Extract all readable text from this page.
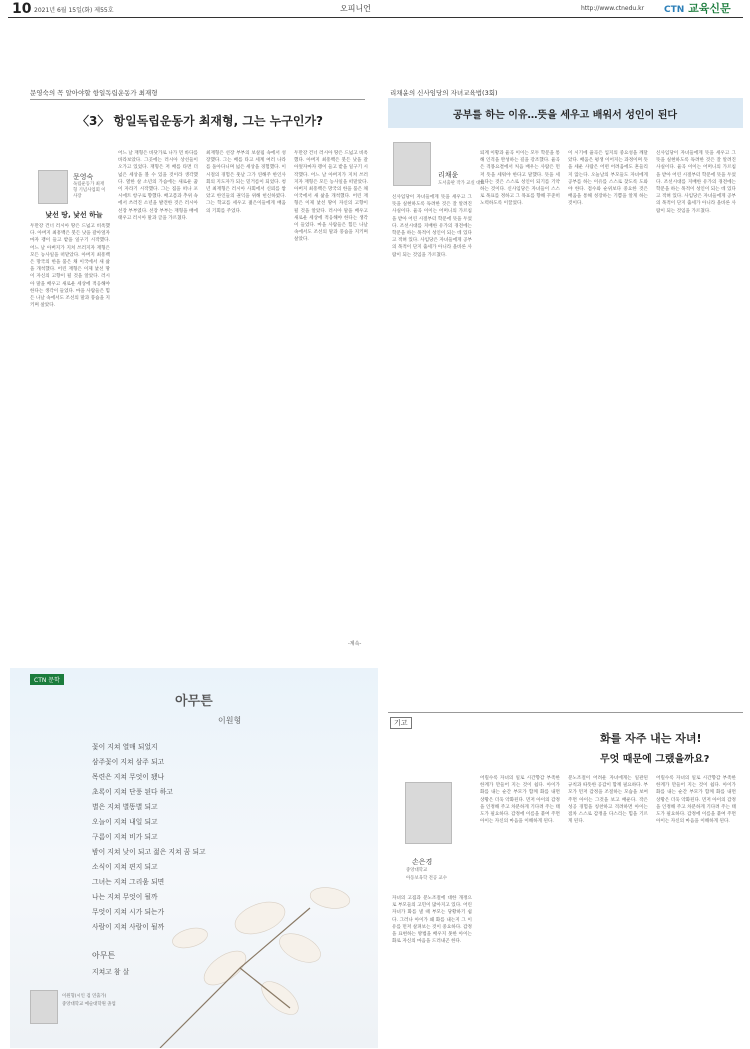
10 2021년 6월 15일(화) 제55호	오피니언	http://www.ctnedu.kr CTN 교육신문
문영숙의 꼭 알아야할 항일독립운동가 최재형
〈3〉 항일독립운동가 최재형, 그는 누구인가?
문영숙
독립운동가 최재형 기념사업회 이사장
낯선 땅, 낯선 하늘
두만강 건너 러시아 땅은 드넓고 비옥했다. 아버지 최흥백은 붓든 낫을 갈아엎자마자 괭이 들고 밭을 일구기 시작했다. 어느 날 아버지가 지쳐 쓰러지자 재형은 모든 농사일을 떠맡았다. 아버지 최흥백은 망국의 한을 품은 채 이국에서 새 삶을 개척했다. 어린 재형은 이제 낯선 땅이 자신의 고향이 될 것을 알았다. 러시아 말을 배우고 새로운 세상에 적응해야 한다는 생각이 들었다. 마을 사람들은 힘든 나날 속에서도 조선의 말과 풍습을 지키며 살았다.
어느 날 재형은 바닷가로 나가 먼 바다를 바라보았다. 그곳에는 러시아 상선들이 오가고 있었다. 재형은 저 배를 타면 더 넓은 세상을 볼 수 있을 것이라 생각했다. 열한 살 소년의 가슴에는 새로운 꿈이 자라기 시작했다. 그는 집을 떠나 포시에트 항구로 향했다. 배고픔과 추위 속에서 쓰러진 소년을 발견한 것은 러시아 선장 부부였다. 선장 부부는 재형을 배에 태우고 러시아 말과 글을 가르쳤다.
최재형은 선장 부부의 보살핌 속에서 성장했다. 그는 배를 타고 세계 여러 나라를 돌아다니며 넓은 세상을 경험했다. 이 시절의 경험은 훗날 그가 연해주 한인사회의 지도자가 되는 밑거름이 되었다. 청년 최재형은 러시아 사회에서 신뢰를 쌓았고 한인들의 권익을 위해 헌신하였다. 그는 학교를 세우고 젊은이들에게 배움의 기회를 주었다.
두만강 건너 러시아 땅은 드넓고 비옥했다. 아버지 최흥백은 붓든 낫을 갈아엎자마자 괭이 들고 밭을 일구기 시작했다. 어느 날 아버지가 지쳐 쓰러지자 재형은 모든 농사일을 떠맡았다. 아버지 최흥백은 망국의 한을 품은 채 이국에서 새 삶을 개척했다. 어린 재형은 이제 낯선 땅이 자신의 고향이 될 것을 알았다. 러시아 말을 배우고 새로운 세상에 적응해야 한다는 생각이 들었다. 마을 사람들은 힘든 나날 속에서도 조선의 말과 풍습을 지키며 살았다.
-계속-
CTN 문학
아무튼
이원형
꽃이 지쳐 열매 되었지
삼주꽃이 지쳐 삼주 되고
목련은 지쳐 무엇이 됐나
초록이 지쳐 단풍 된다 하고
별은 지쳐 별똥별 되고
오늘이 지쳐 내일 되고
구름이 지쳐 비가 되고
밤이 지쳐 낮이 되고 젊은 지쳐 꿈 되고
소식이 지쳐 편지 되고
그녀는 지쳐 그리움 되면
나는 지쳐 무엇이 될까
무엇이 지쳐 시가 되는가
사람이 지쳐 사람이 될까
아무튼
지쳐고 참 살
이원형(시인 겸 연출가)
중앙대학교 예술대학원 졸업
리채윤의 신사임당의 자녀교육법(3회)
공부를 하는 이유…뜻을 세우고 배워서 성인이 된다
리채윤
도서출판 작가 교실 대표
신사임당이 자녀들에게 뜻을 세우고 그 뜻을 실현하도록 독려한 것은 잘 알려진 사실이다. 율곡 이이는 어머니의 가르침을 받아 어린 시절부터 학문에 뜻을 두었다. 조선시대를 지배한 유가의 경전에는 학문을 하는 목적이 성인이 되는 데 있다고 적혀 있다. 사임당은 자녀들에게 공부의 목적이 단지 출세가 아니라 올바른 사람이 되는 것임을 가르쳤다.
퇴계 이황과 율곡 이이는 모두 학문을 통해 인격을 완성하는 길을 강조했다. 율곡은 격몽요결에서 처음 배우는 사람은 먼저 뜻을 세워야 한다고 말했다. 뜻을 세운다는 것은 스스로 성인이 되기를 기약하는 것이다. 신사임당은 자녀들이 스스로 목표를 정하고 그 목표를 향해 꾸준히 노력하도록 이끌었다.
이 시기에 율곡은 입지의 중요성을 깨달았다. 배움은 평생 이어지는 과정이며 뜻을 세운 사람은 어떤 어려움에도 흔들리지 않는다. 오늘날의 부모들도 자녀에게 공부를 하는 이유를 스스로 찾도록 도와야 한다. 점수와 순위보다 중요한 것은 배움을 통해 성장하는 기쁨을 알게 하는 것이다.
신사임당이 자녀들에게 뜻을 세우고 그 뜻을 실현하도록 독려한 것은 잘 알려진 사실이다. 율곡 이이는 어머니의 가르침을 받아 어린 시절부터 학문에 뜻을 두었다. 조선시대를 지배한 유가의 경전에는 학문을 하는 목적이 성인이 되는 데 있다고 적혀 있다. 사임당은 자녀들에게 공부의 목적이 단지 출세가 아니라 올바른 사람이 되는 것임을 가르쳤다.
기고
화를 자주 내는 자녀!
무엇 때문에 그랬을까요?
손은경
중앙대학교
아동보육학 전공 교수
자녀의 고집과 분노조절에 대한 개정으로 부모들의 고민이 많아지고 있다. 어린 자녀가 화를 낼 때 부모는 당황하기 쉽다. 그러나 아이가 왜 화를 내는지 그 이유를 먼저 살펴보는 것이 중요하다. 감정을 표현하는 방법을 배우지 못한 아이는 화로 자신의 마음을 드러내곤 한다.
어릴수록 자녀의 일로 시간향감 부족한 한계가 만들어 지는 것이 쉽다. 아이가 화를 내는 순간 부모가 함께 화를 내면 상황은 더욱 악화된다. 먼저 아이의 감정을 인정해 주고 차분하게 기다려 주는 태도가 필요하다. 감정에 이름을 붙여 주면 아이는 자신의 마음을 이해하게 된다.
분노조절이 어려운 자녀에게는 일관된 규칙과 따뜻한 공감이 함께 필요하다. 부모가 먼저 감정을 조절하는 모습을 보여 주면 아이는 그것을 보고 배운다. 작은 성공 경험을 칭찬하고 격려하면 아이는 점차 스스로 감정을 다스리는 힘을 기르게 된다.
어릴수록 자녀의 일로 시간향감 부족한 한계가 만들어 지는 것이 쉽다. 아이가 화를 내는 순간 부모가 함께 화를 내면 상황은 더욱 악화된다. 먼저 아이의 감정을 인정해 주고 차분하게 기다려 주는 태도가 필요하다. 감정에 이름을 붙여 주면 아이는 자신의 마음을 이해하게 된다.
